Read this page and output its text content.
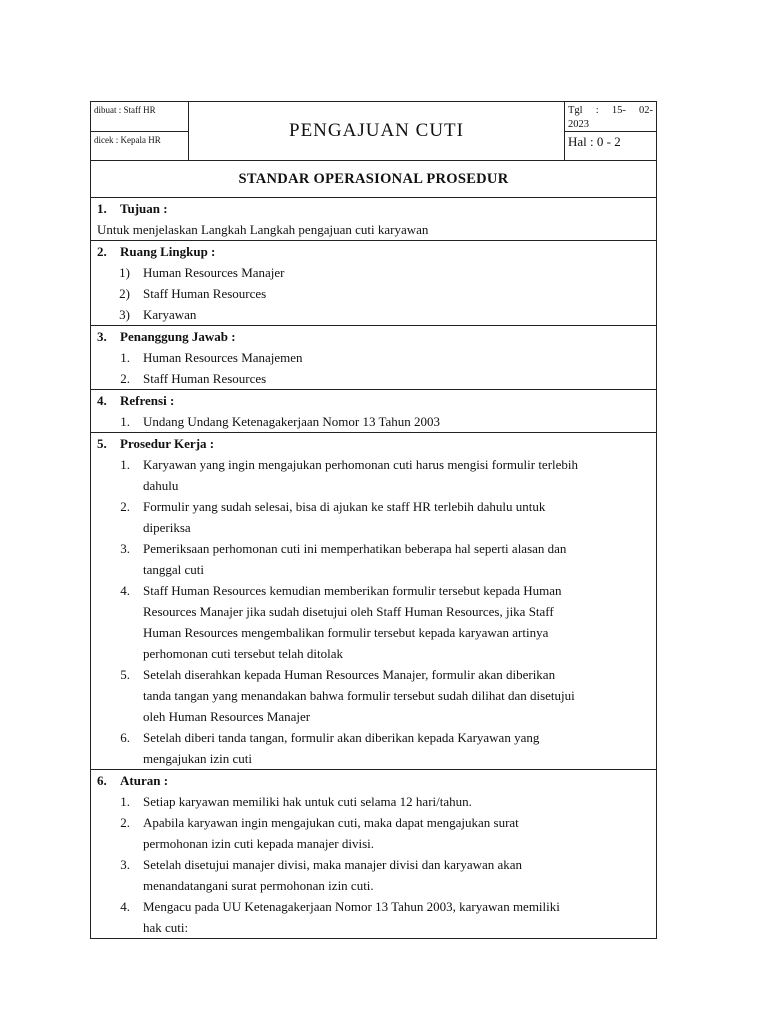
dibuat : Staff HR
dicek : Kepala HR	PENGAJUAN CUTI
Tgl : 15- 02-
2023
Hal : 0 - 2
STANDAR OPERASIONAL PROSEDUR
1.	Tujuan :
Untuk menjelaskan Langkah Langkah pengajuan cuti karyawan
2.	Ruang Lingkup :
1)	Human Resources Manajer
2)	Staff Human Resources
3)	Karyawan
3.	Penanggung Jawab :
1.	Human Resources Manajemen
2.	Staff Human Resources
4.	Refrensi :
1.	Undang Undang Ketenagakerjaan Nomor 13 Tahun 2003
5.	Prosedur Kerja :
1.	Karyawan yang ingin mengajukan perhomonan cuti harus mengisi formulir terlebih
dahulu
2.	Formulir yang sudah selesai, bisa di ajukan ke staff HR terlebih dahulu untuk
diperiksa
3.	Pemeriksaan perhomonan cuti ini memperhatikan beberapa hal seperti alasan dan
tanggal cuti
4.	Staff Human Resources kemudian memberikan formulir tersebut kepada Human
Resources Manajer jika sudah disetujui oleh Staff Human Resources, jika Staff
Human Resources mengembalikan formulir tersebut kepada karyawan artinya
perhomonan cuti tersebut telah ditolak
5.	Setelah diserahkan kepada Human Resources Manajer, formulir akan diberikan
tanda tangan yang menandakan bahwa formulir tersebut sudah dilihat dan disetujui
oleh Human Resources Manajer
6.	Setelah diberi tanda tangan, formulir akan diberikan kepada Karyawan yang
mengajukan izin cuti
6.	Aturan :
1.	Setiap karyawan memiliki hak untuk cuti selama 12 hari/tahun.
2.	Apabila karyawan ingin mengajukan cuti, maka dapat mengajukan surat
permohonan izin cuti kepada manajer divisi.
3.	Setelah disetujui manajer divisi, maka manajer divisi dan karyawan akan
menandatangani surat permohonan izin cuti.
4.	Mengacu pada UU Ketenagakerjaan Nomor 13 Tahun 2003, karyawan memiliki
hak cuti:
